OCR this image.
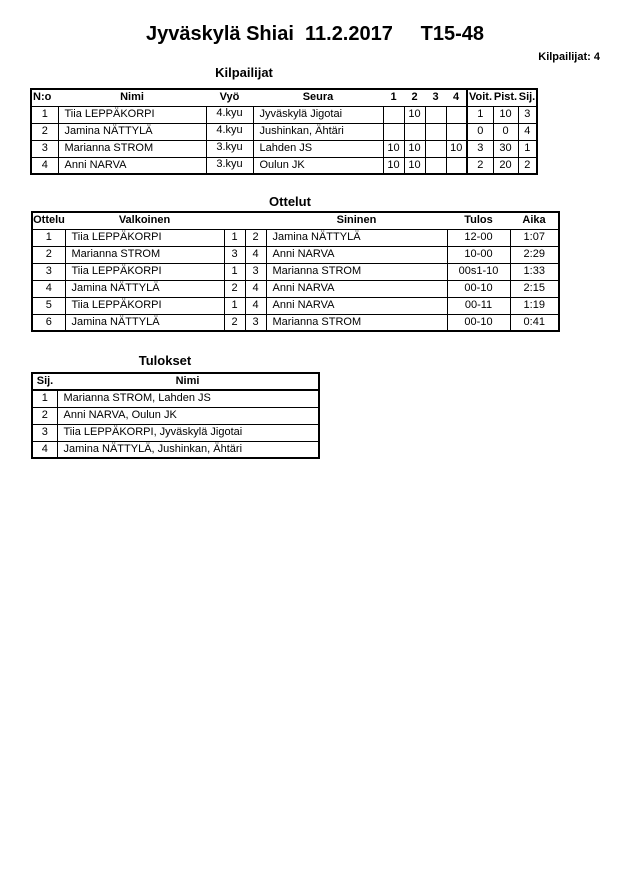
Jyväskylä Shiai  11.2.2017     T15-48
Kilpailijat: 4
Kilpailijat
N:o	Nimi	Vyö	Seura	1	2	3	4	Voit.	Pist.	Sij.
1	Tiia LEPPÄKORPI	4.kyu	Jyväskylä Jigotai		10			1	10	3
2	Jamina NÄTTYLÄ	4.kyu	Jushinkan, Ähtäri					0	0	4
3	Marianna STROM	3.kyu	Lahden JS	10	10		10	3	30	1
4	Anni NARVA	3.kyu	Oulun JK	10	10			2	20	2
Ottelut
Ottelu	Valkoinen			Sininen	Tulos	Aika
1	Tiia LEPPÄKORPI	1	2	Jamina NÄTTYLÄ	12-00	1:07
2	Marianna STROM	3	4	Anni NARVA	10-00	2:29
3	Tiia LEPPÄKORPI	1	3	Marianna STROM	00s1-10	1:33
4	Jamina NÄTTYLÄ	2	4	Anni NARVA	00-10	2:15
5	Tiia LEPPÄKORPI	1	4	Anni NARVA	00-11	1:19
6	Jamina NÄTTYLÄ	2	3	Marianna STROM	00-10	0:41
Tulokset
Sij.	Nimi
1	Marianna STROM, Lahden JS
2	Anni NARVA, Oulun JK
3	Tiia LEPPÄKORPI, Jyväskylä Jigotai
4	Jamina NÄTTYLÄ, Jushinkan, Ähtäri
